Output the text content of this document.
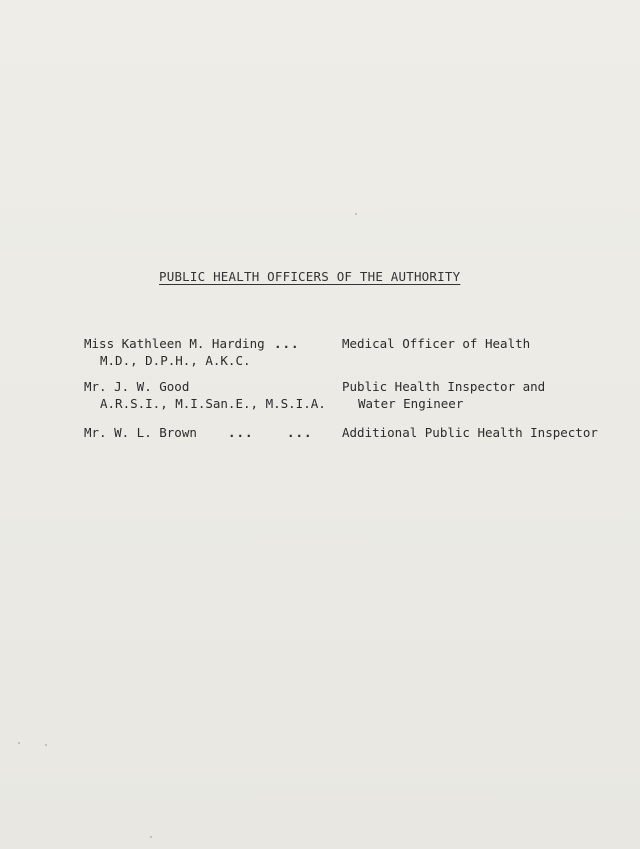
PUBLIC HEALTH OFFICERS OF THE AUTHORITY
Miss Kathleen M. Harding ...	Medical Officer of Health
M.D., D.P.H., A.K.C.
Mr. J. W. Good	Public Health Inspector and
A.R.S.I., M.I.San.E., M.S.I.A.	Water Engineer
Mr. W. L. Brown ...	... Additional Public Health Inspector
